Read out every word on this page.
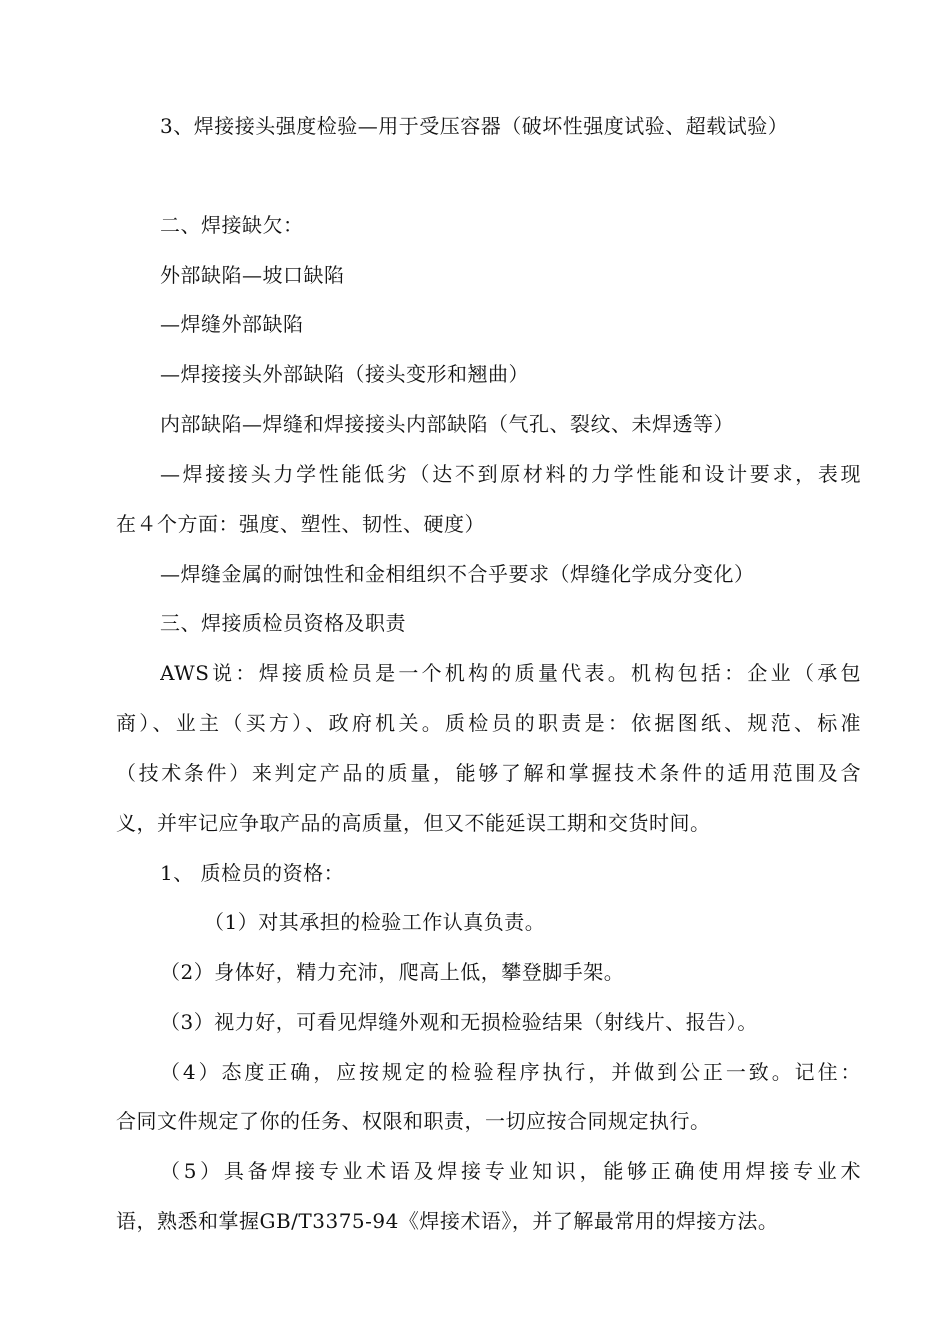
3、焊接接头强度检验—用于受压容器（破坏性强度试验、超载试验）
二、焊接缺欠：
外部缺陷—坡口缺陷
—焊缝外部缺陷
—焊接接头外部缺陷（接头变形和翘曲）
内部缺陷—焊缝和焊接接头内部缺陷（气孔、裂纹、未焊透等）
—焊接接头力学性能低劣（达不到原材料的力学性能和设计要求，表现
在４个方面：强度、塑性、韧性、硬度）
—焊缝金属的耐蚀性和金相组织不合乎要求（焊缝化学成分变化）
三、焊接质检员资格及职责
AWS说：焊接质检员是一个机构的质量代表。机构包括：企业（承包
商）、业主（买方）、政府机关。质检员的职责是：依据图纸、规范、标准
（技术条件）来判定产品的质量，能够了解和掌握技术条件的适用范围及含
义，并牢记应争取产品的高质量，但又不能延误工期和交货时间。
1、 质检员的资格：
（1）对其承担的检验工作认真负责。
（2）身体好，精力充沛，爬高上低，攀登脚手架。
（3）视力好，可看见焊缝外观和无损检验结果（射线片、报告）。
（4）态度正确，应按规定的检验程序执行，并做到公正一致。记住：
合同文件规定了你的任务、权限和职责，一切应按合同规定执行。
（5）具备焊接专业术语及焊接专业知识，能够正确使用焊接专业术
语，熟悉和掌握GB/T3375-94《焊接术语》，并了解最常用的焊接方法。
